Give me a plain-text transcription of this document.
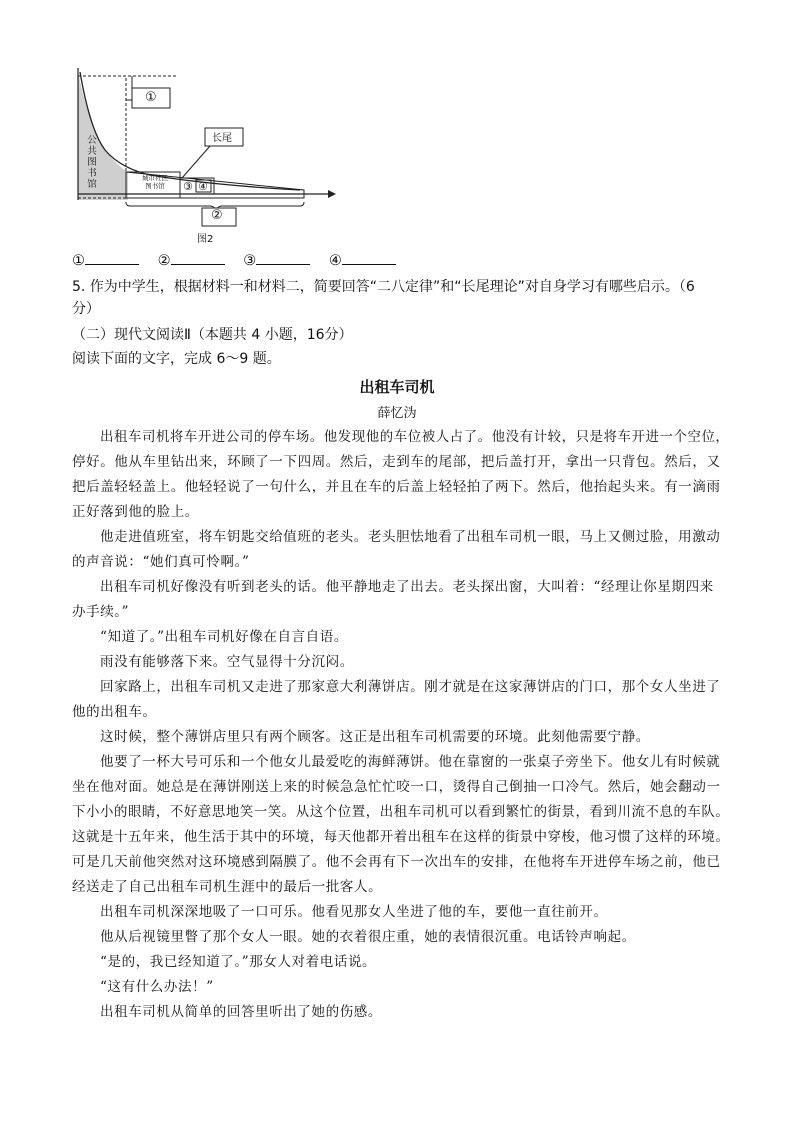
①
长尾
公
共
图
书
馆
城市社区
图书馆	③ ④
②
图2
①	②	③	④
5. 作为中学生，根据材料一和材料二，简要回答“二八定律”和“长尾理论”对自身学习有哪些启示。（6
分）
（二）现代文阅读Ⅱ（本题共 4 小题，16分）
阅读下面的文字，完成 6～9 题。
出租车司机
薛忆沩
出租车司机将车开进公司的停车场。他发现他的车位被人占了。他没有计较，只是将车开进一个空位，
停好。他从车里钻出来，环顾了一下四周。然后，走到车的尾部，把后盖打开，拿出一只背包。然后，又
把后盖轻轻盖上。他轻轻说了一句什么，并且在车的后盖上轻轻拍了两下。然后，他抬起头来。有一滴雨
正好落到他的脸上。
他走进值班室，将车钥匙交给值班的老头。老头胆怯地看了出租车司机一眼，马上又侧过脸，用激动
的声音说：“她们真可怜啊。”
出租车司机好像没有听到老头的话。他平静地走了出去。老头探出窗，大叫着：“经理让你星期四来
办手续。”
“知道了。”出租车司机好像在自言自语。
雨没有能够落下来。空气显得十分沉闷。
回家路上，出租车司机又走进了那家意大利薄饼店。刚才就是在这家薄饼店的门口，那个女人坐进了
他的出租车。
这时候，整个薄饼店里只有两个顾客。这正是出租车司机需要的环境。此刻他需要宁静。
他要了一杯大号可乐和一个他女儿最爱吃的海鲜薄饼。他在靠窗的一张桌子旁坐下。他女儿有时候就
坐在他对面。她总是在薄饼刚送上来的时候急急忙忙咬一口，烫得自己倒抽一口冷气。然后，她会翻动一
下小小的眼睛，不好意思地笑一笑。从这个位置，出租车司机可以看到繁忙的街景，看到川流不息的车队。
这就是十五年来，他生活于其中的环境，每天他都开着出租车在这样的街景中穿梭，他习惯了这样的环境。
可是几天前他突然对这环境感到隔膜了。他不会再有下一次出车的安排，在他将车开进停车场之前，他已
经送走了自己出租车司机生涯中的最后一批客人。
出租车司机深深地吸了一口可乐。他看见那女人坐进了他的车，要他一直往前开。
他从后视镜里瞥了那个女人一眼。她的衣着很庄重，她的表情很沉重。电话铃声响起。
“是的，我已经知道了。”那女人对着电话说。
“这有什么办法！”
出租车司机从简单的回答里听出了她的伤感。
